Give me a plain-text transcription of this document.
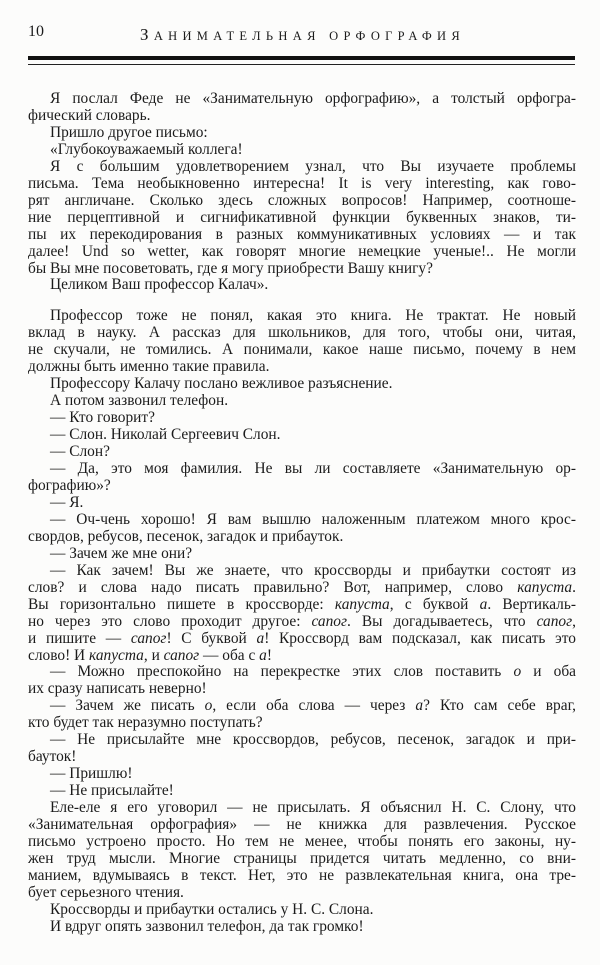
10	ЗАНИМАТЕЛЬНАЯ ОРФОГРАФИЯ
Я послал Феде не «Занимательную орфографию», а толстый орфогра-
фический словарь.
Пришло другое письмо:
«Глубокоуважаемый коллега!
Я с большим удовлетворением узнал, что Вы изучаете проблемы
письма. Тема необыкновенно интересна! It is very interesting, как гово-
рят англичане. Сколько здесь сложных вопросов! Например, соотноше-
ние перцептивной и сигнификативной функции буквенных знаков, ти-
пы их перекодирования в разных коммуникативных условиях — и так
далее! Und so wetter, как говорят многие немецкие ученые!.. Не могли
бы Вы мне посоветовать, где я могу приобрести Вашу книгу?
Целиком Ваш профессор Калач».
Профессор тоже не понял, какая это книга. Не трактат. Не новый
вклад в науку. А рассказ для школьников, для того, чтобы они, читая,
не скучали, не томились. А понимали, какое наше письмо, почему в нем
должны быть именно такие правила.
Профессору Калачу послано вежливое разъяснение.
А потом зазвонил телефон.
— Кто говорит?
— Слон. Николай Сергеевич Слон.
— Слон?
— Да, это моя фамилия. Не вы ли составляете «Занимательную ор-
фографию»?
— Я.
— Оч-чень хорошо! Я вам вышлю наложенным платежом много крос-
свордов, ребусов, песенок, загадок и прибауток.
— Зачем же мне они?
— Как зачем! Вы же знаете, что кроссворды и прибаутки состоят из
слов? и слова надо писать правильно? Вот, например, слово капуста.
Вы горизонтально пишете в кроссворде: капуста, с буквой а. Вертикаль-
но через это слово проходит другое: сапог. Вы догадываетесь, что сапог,
и пишите — сапог! С буквой а! Кроссворд вам подсказал, как писать это
слово! И капуста, и сапог — оба с а!
— Можно преспокойно на перекрестке этих слов поставить о и оба
их сразу написать неверно!
— Зачем же писать о, если оба слова — через а? Кто сам себе враг,
кто будет так неразумно поступать?
— Не присылайте мне кроссвордов, ребусов, песенок, загадок и при-
бауток!
— Пришлю!
— Не присылайте!
Еле-еле я его уговорил — не присылать. Я объяснил Н. С. Слону, что
«Занимательная орфография» — не книжка для развлечения. Русское
письмо устроено просто. Но тем не менее, чтобы понять его законы, ну-
жен труд мысли. Многие страницы придется читать медленно, со вни-
манием, вдумываясь в текст. Нет, это не развлекательная книга, она тре-
бует серьезного чтения.
Кроссворды и прибаутки остались у Н. С. Слона.
И вдруг опять зазвонил телефон, да так громко!
